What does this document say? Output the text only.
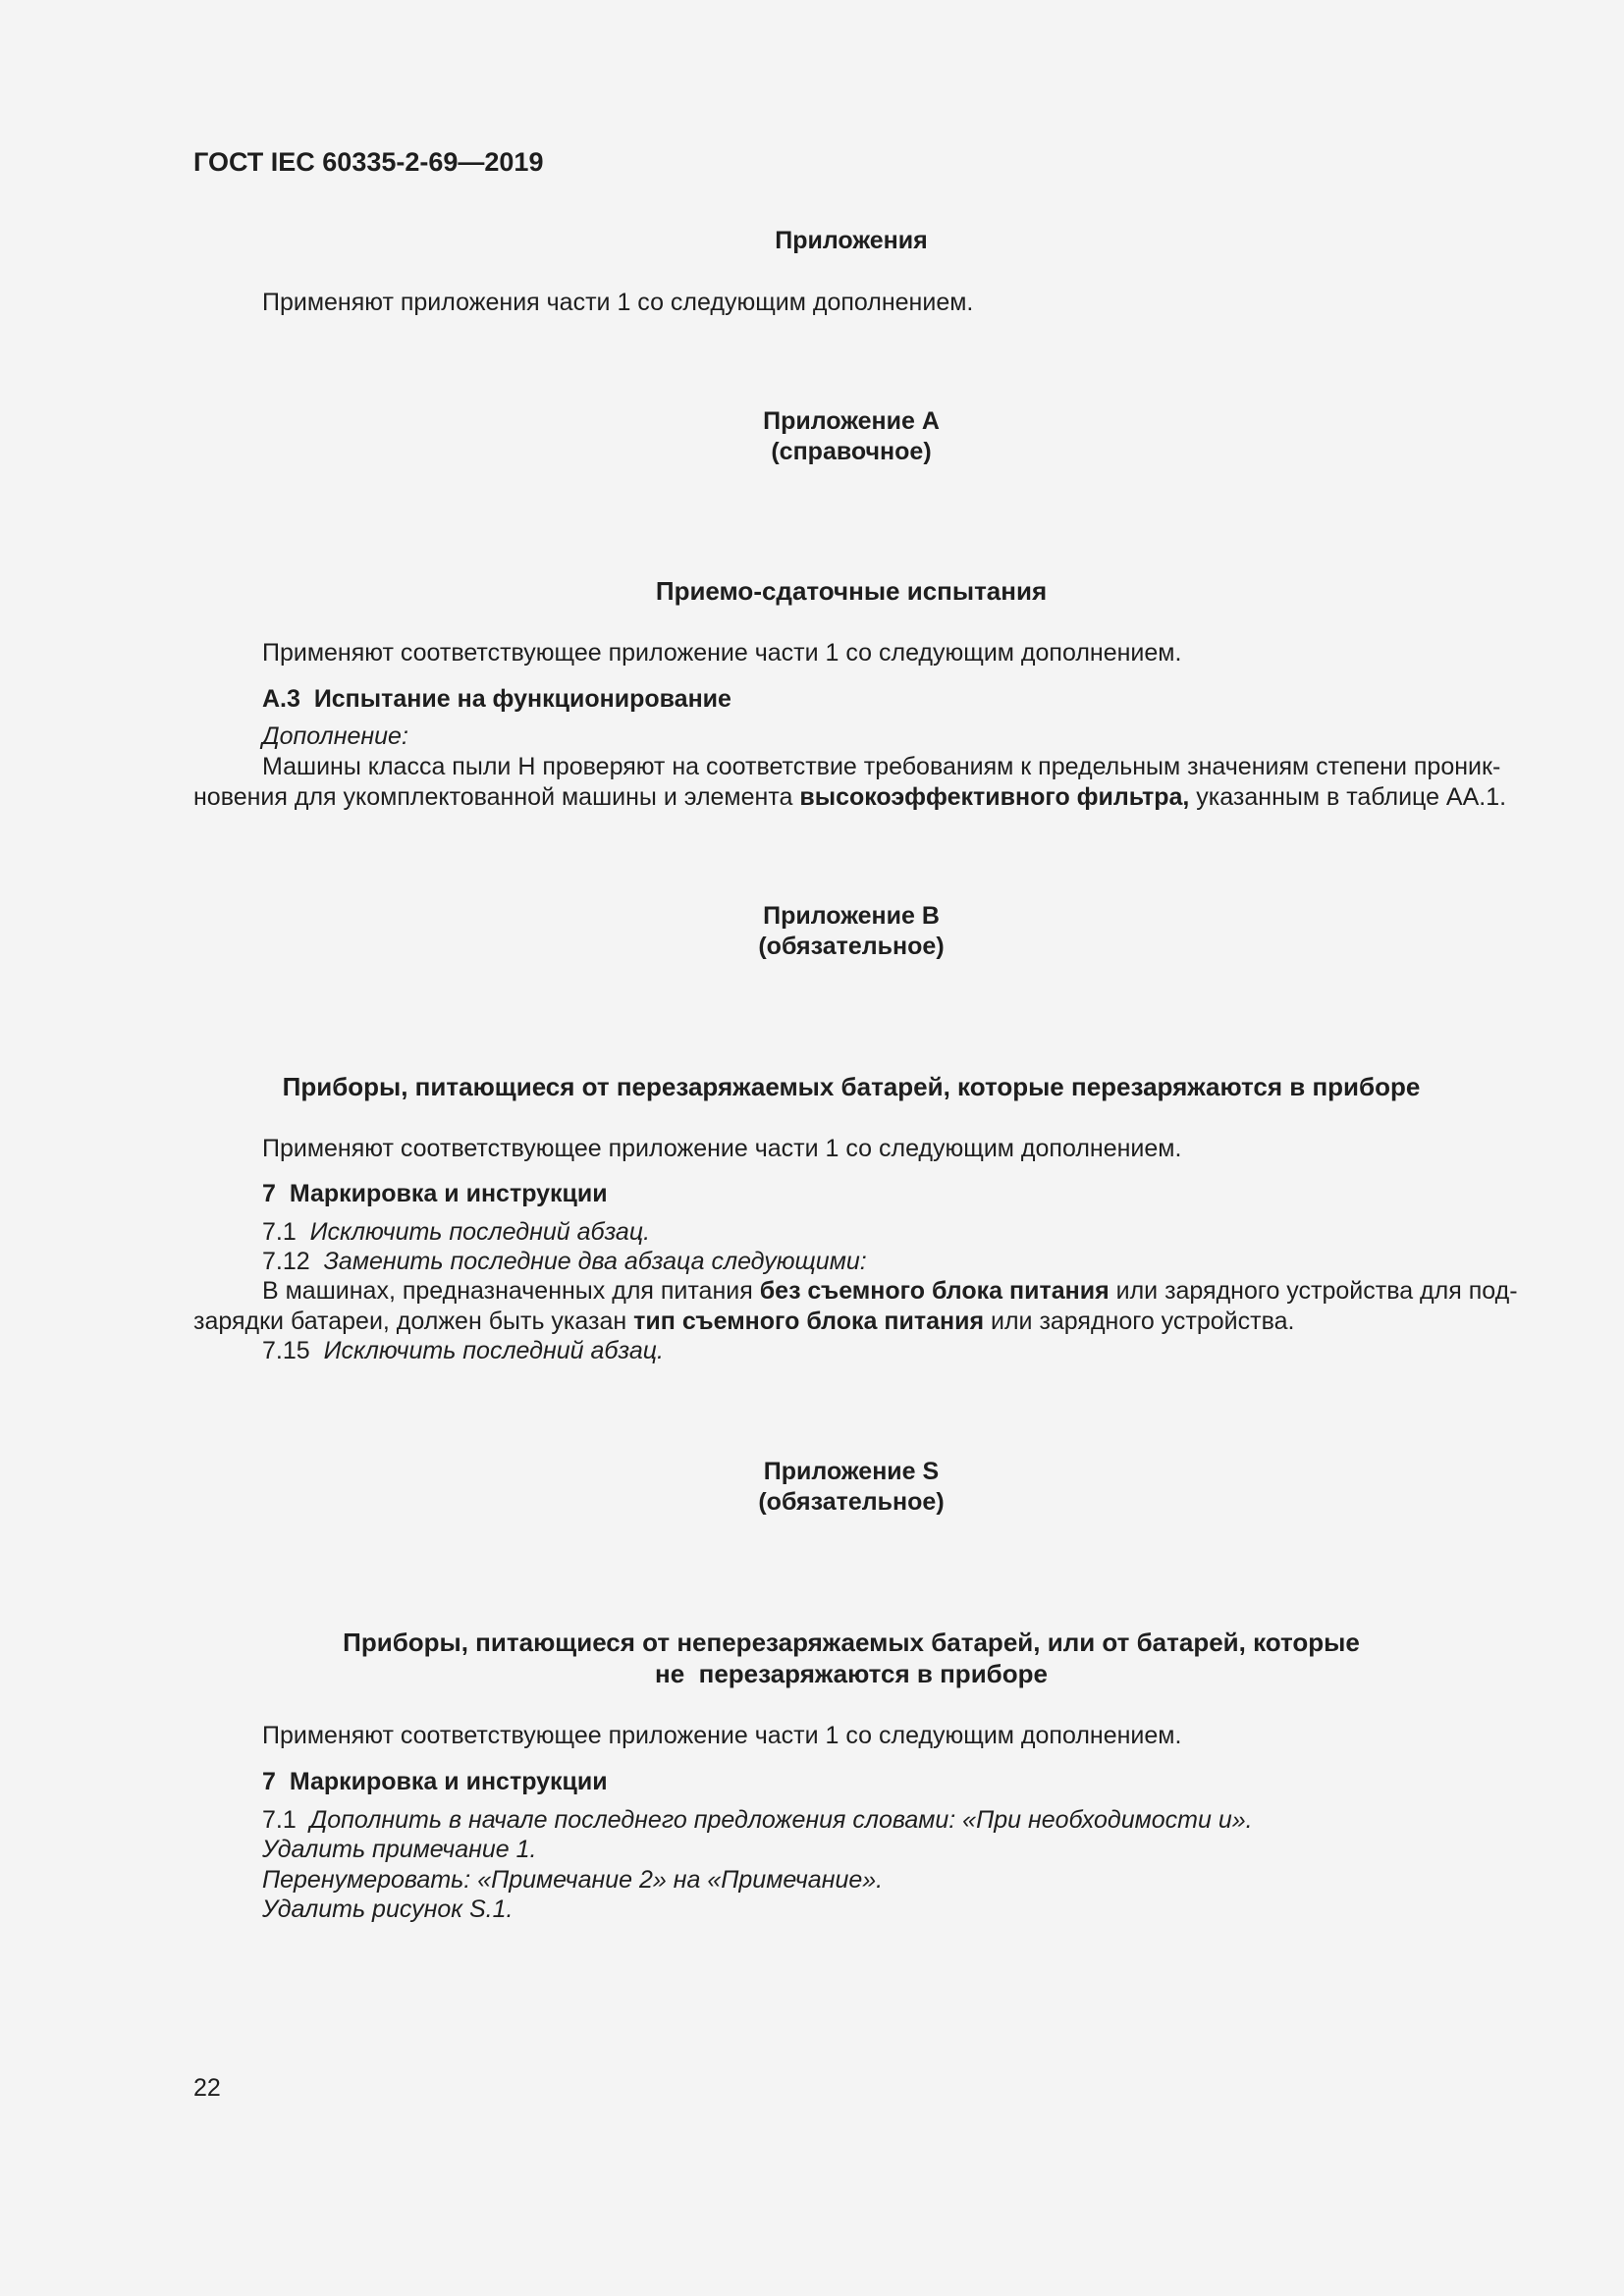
ГОСТ IEC 60335-2-69—2019
Приложения
Применяют приложения части 1 со следующим дополнением.
Приложение А
(справочное)
Приемо-сдаточные испытания
Применяют соответствующее приложение части 1 со следующим дополнением.
A.3 Испытание на функционирование
Дополнение:
Машины класса пыли Н проверяют на соответствие требованиям к предельным значениям степени проник-
новения для укомплектованной машины и элемента высокоэффективного фильтра, указанным в таблице АА.1.
Приложение В
(обязательное)
Приборы, питающиеся от перезаряжаемых батарей, которые перезаряжаются в приборе
Применяют соответствующее приложение части 1 со следующим дополнением.
7 Маркировка и инструкции
7.1 Исключить последний абзац.
7.12 Заменить последние два абзаца следующими:
В машинах, предназначенных для питания без съемного блока питания или зарядного устройства для под-
зарядки батареи, должен быть указан тип съемного блока питания или зарядного устройства.
7.15 Исключить последний абзац.
Приложение S
(обязательное)
Приборы, питающиеся от неперезаряжаемых батарей, или от батарей, которые
не  перезаряжаются в приборе
Применяют соответствующее приложение части 1 со следующим дополнением.
7 Маркировка и инструкции
7.1 Дополнить в начале последнего предложения словами: «При необходимости и».
Удалить примечание 1.
Перенумеровать: «Примечание 2» на «Примечание».
Удалить рисунок S.1.
22
